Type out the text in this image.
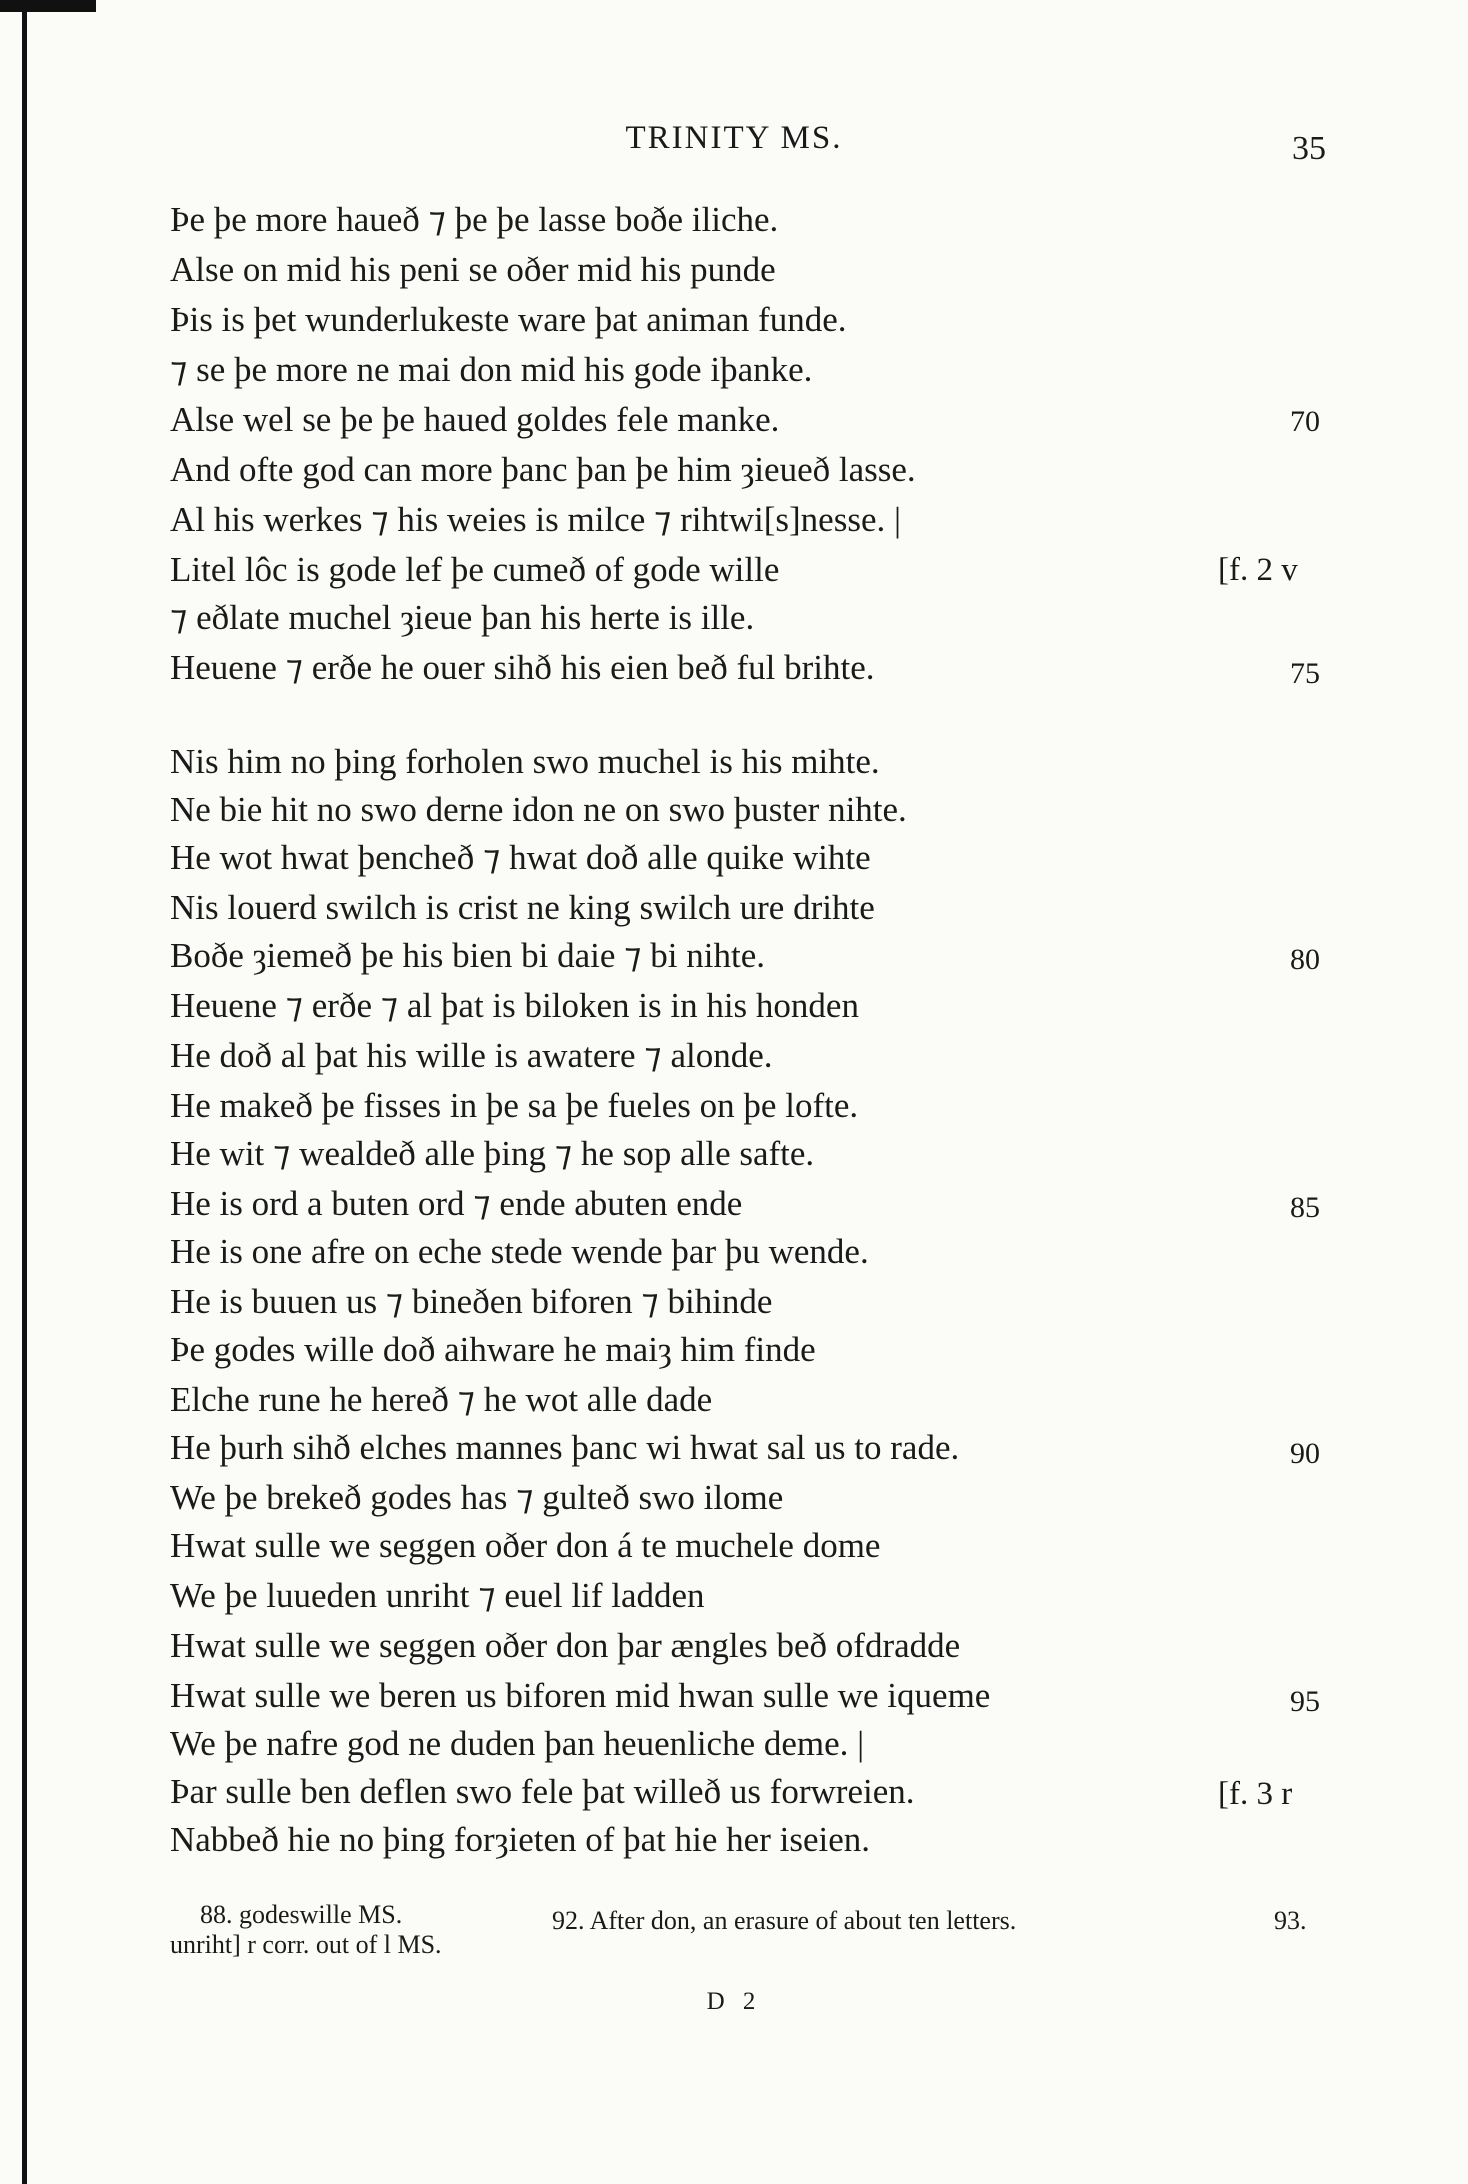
TRINITY MS.	35
Þe þe more haueð ⁊ þe þe lasse boðe iliche.
Alse on mid his peni se oðer mid his punde
Þis is þet wunderlukeste ware þat animan funde.
⁊ se þe more ne mai don mid his gode iþanke.
Alse wel se þe þe haued goldes fele manke.
And ofte god can more þanc þan þe him ȝieueð lasse.
Al his werkes ⁊ his weies is milce ⁊ rihtwi[s]nesse. |
Litel lôc is gode lef þe cumeð of gode wille
⁊ eðlate muchel ȝieue þan his herte is ille.
Heuene ⁊ erðe he ouer sihð his eien beð ful brihte.
Nis him no þing forholen swo muchel is his mihte.
Ne bie hit no swo derne idon ne on swo þuster nihte.
He wot hwat þencheð ⁊ hwat doð alle quike wihte
Nis louerd swilch is crist ne king swilch ure drihte
Boðe ȝiemeð þe his bien bi daie ⁊ bi nihte.
Heuene ⁊ erðe ⁊ al þat is biloken is in his honden
He doð al þat his wille is awatere ⁊ alonde.
He makeð þe fisses in þe sa þe fueles on þe lofte.
He wit ⁊ wealdeð alle þing ⁊ he sop alle safte.
He is ord a buten ord ⁊ ende abuten ende
He is one afre on eche stede wende þar þu wende.
He is buuen us ⁊ bineðen biforen ⁊ bihinde
Þe godes wille doð aihware he maiȝ him finde
Elche rune he hereð ⁊ he wot alle dade
He þurh sihð elches mannes þanc wi hwat sal us to rade.
We þe brekeð godes has ⁊ gulteð swo ilome
Hwat sulle we seggen oðer don á te muchele dome
We þe luueden unriht ⁊ euel lif ladden
Hwat sulle we seggen oðer don þar ængles beð ofdradde
Hwat sulle we beren us biforen mid hwan sulle we iqueme
We þe nafre god ne duden þan heuenliche deme. |
Þar sulle ben deflen swo fele þat willeð us forwreien.
Nabbeð hie no þing forȝieten of þat hie her iseien.
70
75
80
85
90
95
[f. 2 v
[f. 3 r
88. godeswille MS.	92. After don, an erasure of about ten letters.	93.
unriht] r corr. out of l MS.
D 2
